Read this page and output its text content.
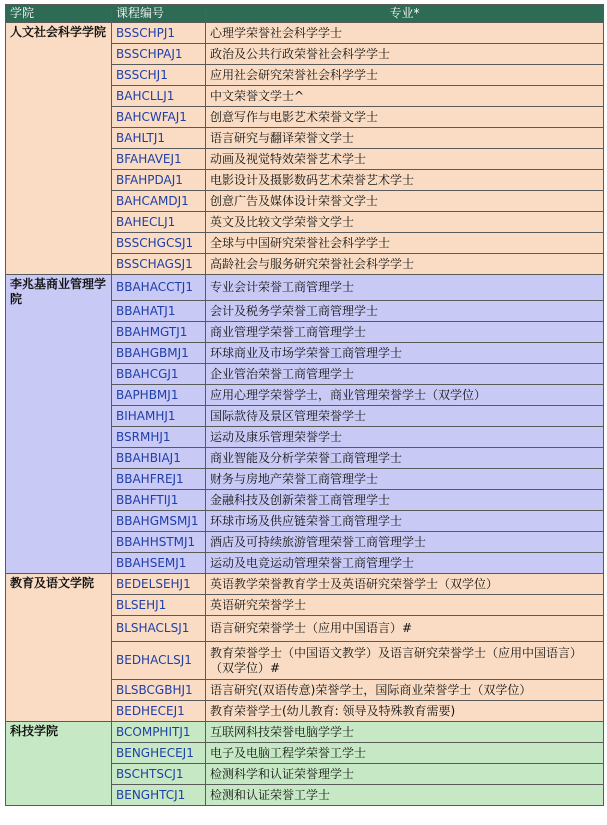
学院	课程编号	专业*
人文社会科学学院	BSSCHPJ1	心理学荣誉社会科学学士
	BSSCHPAJ1	政治及公共行政荣誉社会科学学士
	BSSCHJ1	应用社会研究荣誉社会科学学士
	BAHCLLJ1	中文荣誉文学士^
	BAHCWFAJ1	创意写作与电影艺术荣誉文学士
	BAHLTJ1	语言研究与翻译荣誉文学士
	BFAHAVEJ1	动画及视觉特效荣誉艺术学士
	BFAHPDAJ1	电影设计及摄影数码艺术荣誉艺术学士
	BAHCAMDJ1	创意广告及媒体设计荣誉文学士
	BAHECLJ1	英文及比较文学荣誉文学士
	BSSCHGCSJ1	全球与中国研究荣誉社会科学学士
	BSSCHAGSJ1	高龄社会与服务研究荣誉社会科学学士
李兆基商业管理学院	BBAHACCTJ1	专业会计荣誉工商管理学士
	BBAHATJ1	会计及税务学荣誉工商管理学士
	BBAHMGTJ1	商业管理学荣誉工商管理学士
	BBAHGBMJ1	环球商业及市场学荣誉工商管理学士
	BBAHCGJ1	企业管治荣誉工商管理学士
	BAPHBMJ1	应用心理学荣誉学士，商业管理荣誉学士（双学位）
	BIHAMHJ1	国际款待及景区管理荣誉学士
	BSRMHJ1	运动及康乐管理荣誉学士
	BBAHBIAJ1	商业智能及分析学荣誉工商管理学士
	BBAHFREJ1	财务与房地产荣誉工商管理学士
	BBAHFTIJ1	金融科技及创新荣誉工商管理学士
	BBAHGMSMJ1	环球市场及供应链荣誉工商管理学士
	BBAHHSTMJ1	酒店及可持续旅游管理荣誉工商管理学士
	BBAHSEMJ1	运动及电竞运动管理荣誉工商管理学士
教育及语文学院	BEDELSEHJ1	英语教学荣誉教育学士及英语研究荣誉学士（双学位）
	BLSEHJ1	英语研究荣誉学士
	BLSHACLSJ1	语言研究荣誉学士（应用中国语言）#
	BEDHACLSJ1	教育荣誉学士（中国语文教学）及语言研究荣誉学士（应用中国语言）（双学位）#
	BLSBCGBHJ1	语言研究(双语传意)荣誉学士，国际商业荣誉学士（双学位）
	BEDHECEJ1	教育荣誉学士(幼儿教育: 领导及特殊教育需要)
科技学院	BCOMPHITJ1	互联网科技荣誉电脑学学士
	BENGHECEJ1	电子及电脑工程学荣誉工学士
	BSCHTSCJ1	检测科学和认证荣誉理学士
	BENGHTCJ1	检测和认证荣誉工学士
